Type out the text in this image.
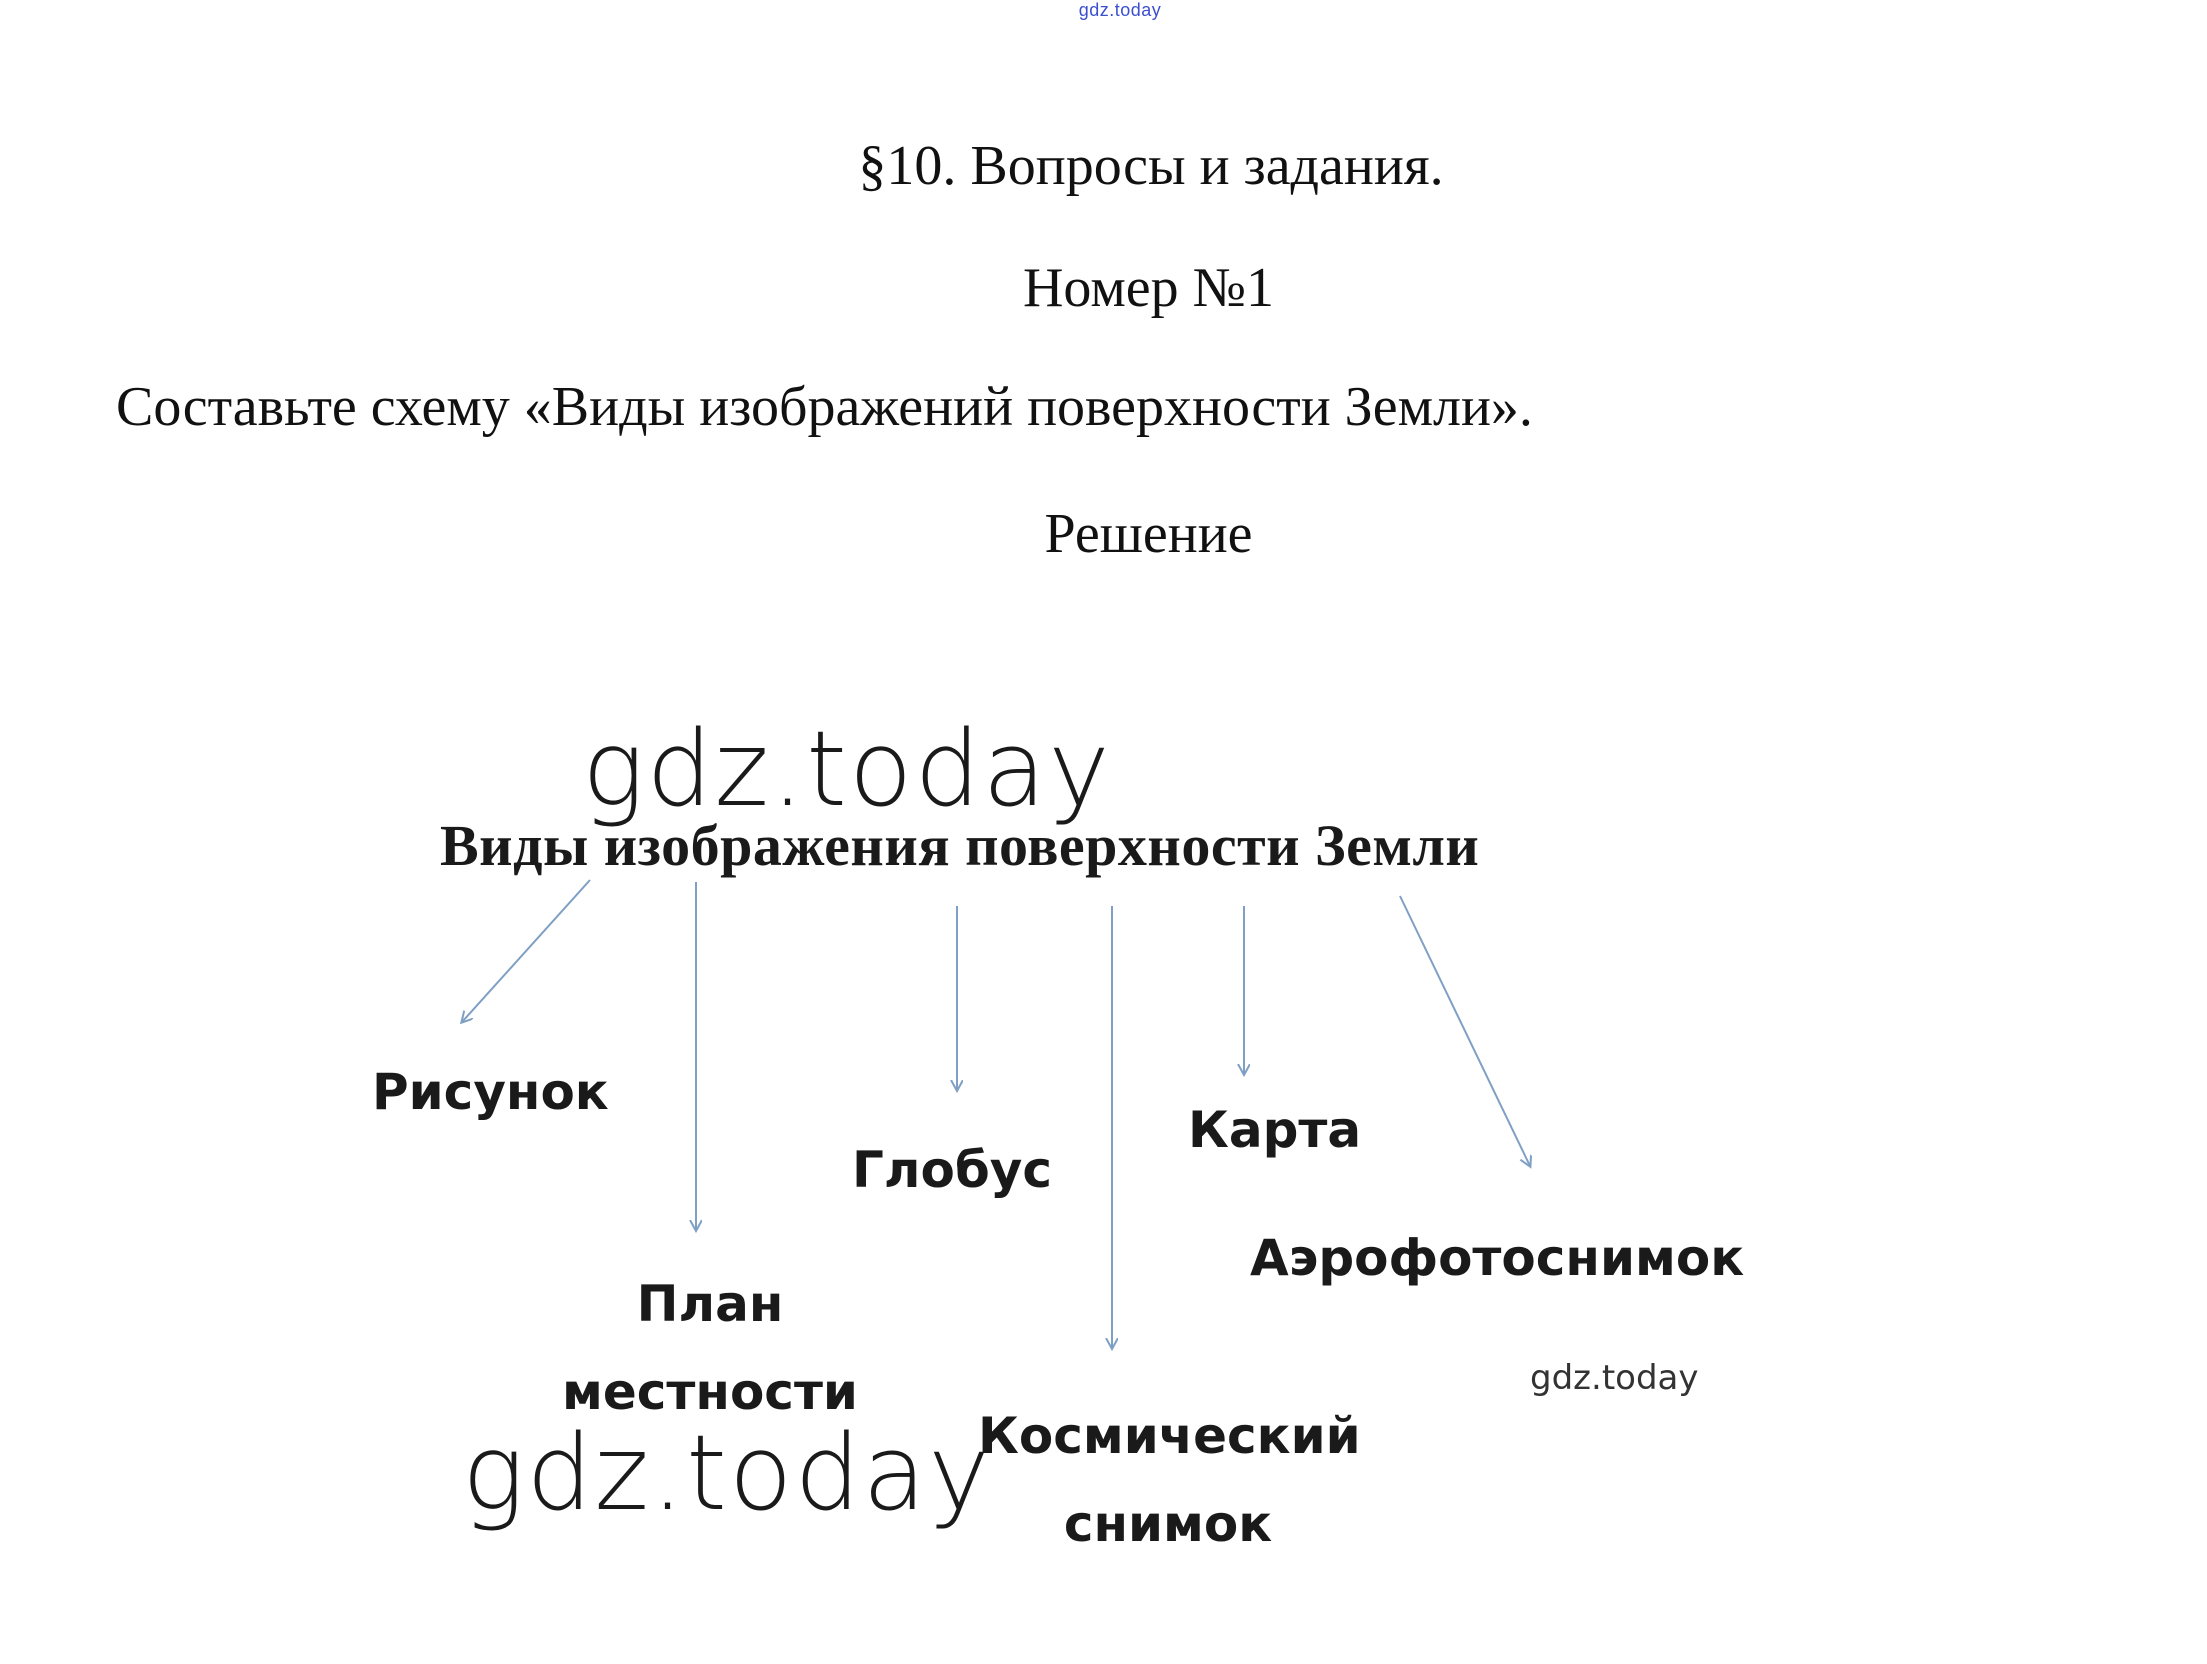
gdz.today
§10. Вопросы и задания.
Номер №1
Составьте схему «Виды изображений поверхности Земли».
Решение
gdz.today
Виды изображения поверхности Земли
Рисунок
План
местности
Глобус
Карта
Аэрофотоснимок
Космический
снимок
gdz.today
gdz.today
